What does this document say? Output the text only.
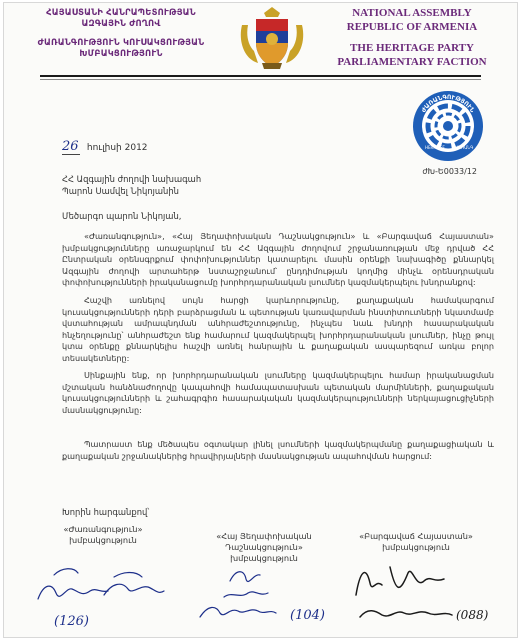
ՀԱՅԱՍՏԱՆԻ ՀԱՆՐԱՊԵՏՈՒԹՅԱՆ
ԱԶԳԱՅԻՆ ԺՈՂՈՎ
ԺԱՌԱՆԳՈՒԹՅՈՒՆ ԿՈՒՍԱԿՑՈՒԹՅԱՆ
ԽՄԲԱԿՑՈՒԹՅՈՒՆ
NATIONAL ASSEMBLY
REPUBLIC OF ARMENIA
THE HERITAGE PARTY
PARLIAMENTARY FACTION
ԺԱՌԱՆԳՈՒԹՅՈՒՆ
HERITAGE	ԺԱՌԱՆԳ
ժԽ-Ե0033/12
26 հուլիսի 2012
ՀՀ Ազգային ժողովի նախագահ
Պարոն Սամվել Նիկոյանին
Մեծարգո պարոն Նիկոյան,

«Ժառանգություն», «Հայ Յեղափոխական Դաշնակցություն» և «Բարգավաճ Հայաստան» խմբակցությունները առաջարկում են ՀՀ Ազգային ժողովում շրջանառության մեջ դրված ՀՀ Ընտրական օրենսգրքում փոփոխություններ կատարելու մասին օրենքի նախագիծը քննարկել Ազգային ժողովի արտահերթ նստաշրջանում՝ ընդդիմության կողմից մինչև օրենսդրական փոփոխությունների իրականացումը խորհրդարանական լսումներ կազմակերպելու խնդրանքով:

Հաշվի առնելով սույն հարցի կարևորությունը, քաղաքական համակարգում կուսակցությունների դերի բարձրացման և պետության կառավարման ինստիտուտների նկատմամբ վստահության ամրապնդման անհրաժեշտությունը, ինչպես նաև խնդրի հասարակական հնչեղությունը՝ անհրաժեշտ ենք համարում կազմակերպել խորհրդարանական լսումներ, ինչը թույլ կտա օրենքը քննարկելիս հաշվի առնել հանրային և քաղաքական ասպարեզում առկա բոլոր տեսակետները:

Սինքային ենք, որ խորհրդարանական լսումները կազմակերպելու համար իրականացման մշտական հանձնաժողովը կապահովի համապատասխան պետական մարմինների, քաղաքական կուսակցությունների և շահագրգիռ հասարակական կազմակերպությունների ներկայացուցիչների մասնակցությունը:

Պատրաստ ենք մեծապես օգտակար լինել լսումների կազմակերպմանը քաղաքացիական և քաղաքական շրջանակներից հրավիրյալների մասնակցության ապահովման հարցում:

Խորին հարգանքով՝
«Ժառանգություն»
խմբակցություն	«Հայ Յեղափոխական
Դաշնակցություն»
խմբակցություն
«Բարգավաճ Հայաստան»
խմբակցություն
(126)	(104)	(088)
